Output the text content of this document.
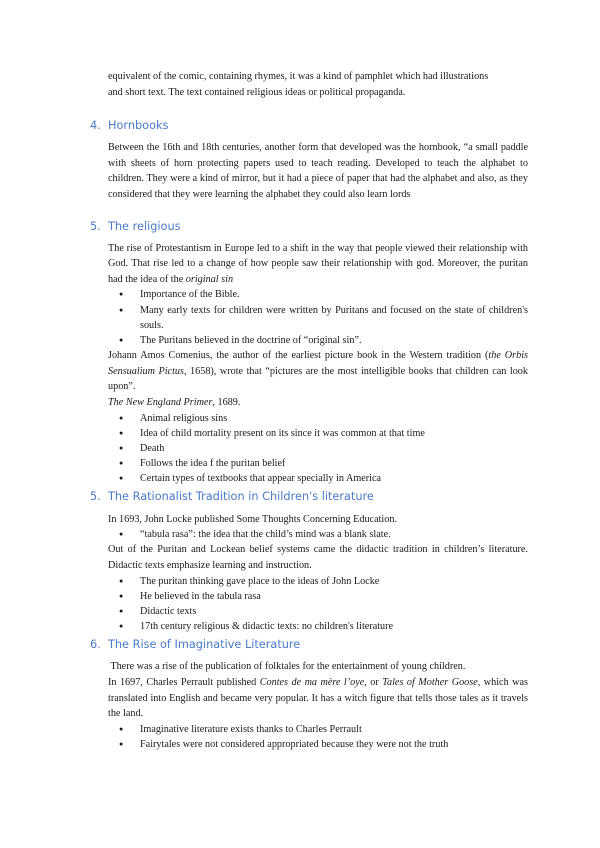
equivalent of the comic, containing rhymes, it was a kind of pamphlet which had illustrations
and short text. The text contained religious ideas or political propaganda.

4. Hornbooks

Between the 16th and 18th centuries, another form that developed was the hornbook, “a small paddle with sheets of horn protecting papers used to teach reading. Developed to teach the alphabet to children. They were a kind of mirror, but it had a piece of paper that had the alphabet and also, as they considered that they were learning the alphabet they could also learn lords

5. The religious

The rise of Protestantism in Europe led to a shift in the way that people viewed their relationship with God. That rise led to a change of how people saw their relationship with god. Moreover, the puritan had the idea of the original sin

● Importance of the Bible.
● Many early texts for children were written by Puritans and focused on the state of children's souls.
● The Puritans believed in the doctrine of “original sin”.

Johann Amos Comenius, the author of the earliest picture book in the Western tradition (the Orbis Sensualium Pictus, 1658), wrote that “pictures are the most intelligible books that children can look upon”.

The New England Primer, 1689.

● Animal religious sins
● Idea of child mortality present on its since it was common at that time
● Death
● Follows the idea f the puritan belief
● Certain types of textbooks that appear specially in America
5. The Rationalist Tradition in Children's literature

In 1693, John Locke published Some Thoughts Concerning Education.

● “tabula rasa”: the idea that the child’s mind was a blank slate.

Out of the Puritan and Lockean belief systems came the didactic tradition in children’s literature. Didactic texts emphasize learning and instruction.

● The puritan thinking gave place to the ideas of John Locke
● He believed in the tabula rasa
● Didactic texts
● 17th century religious & didactic texts: no children's literature
6. The Rise of Imaginative Literature

There was a rise of the publication of folktales for the entertainment of young children.

In 1697, Charles Perrault published Contes de ma mère l’oye, or Tales of Mother Goose, which was translated into English and became very popular. It has a witch figure that tells those tales as it travels the land.

● Imaginative literature exists thanks to Charles Perrault
● Fairytales were not considered appropriated because they were not the truth
